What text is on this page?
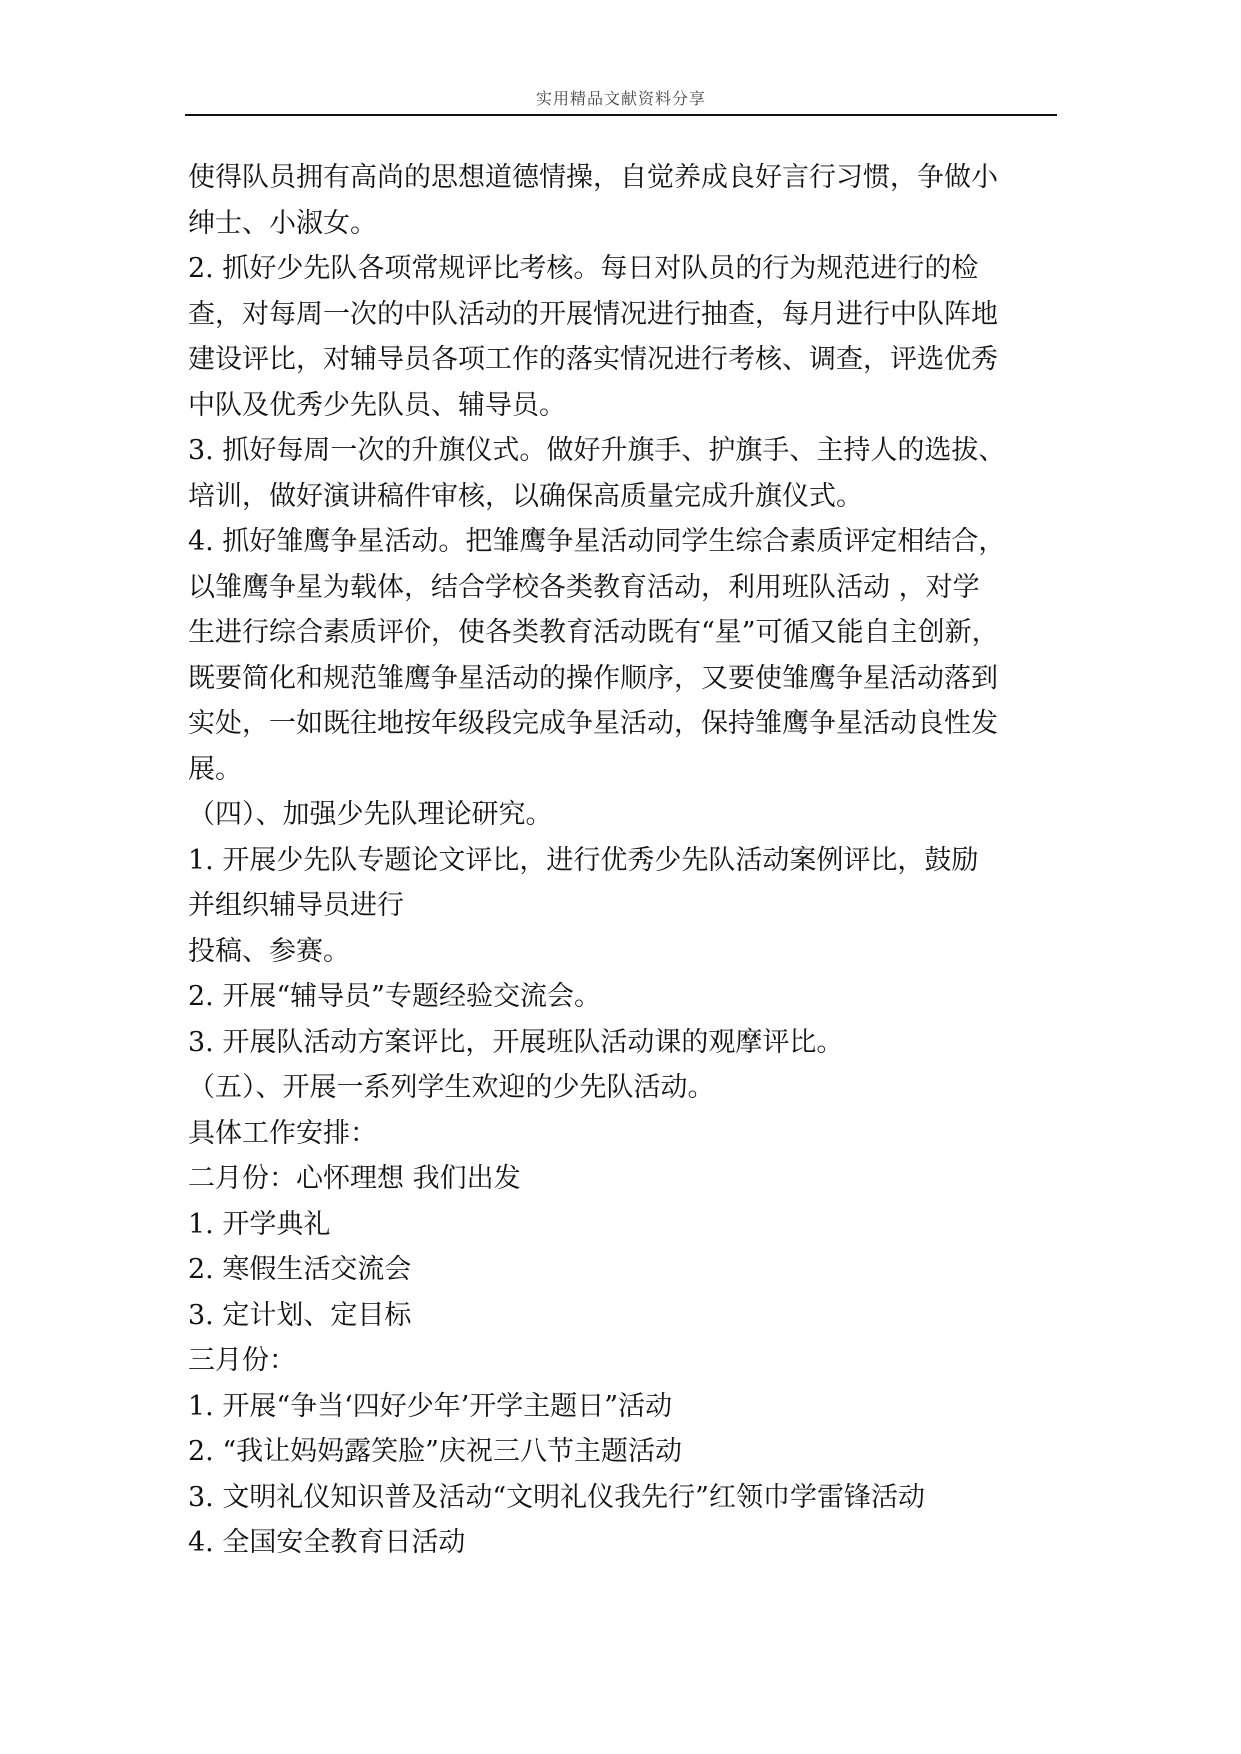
实用精品文献资料分享
使得队员拥有高尚的思想道德情操，自觉养成良好言行习惯，争做小
绅士、小淑女。
2. 抓好少先队各项常规评比考核。每日对队员的行为规范进行的检
查，对每周一次的中队活动的开展情况进行抽查，每月进行中队阵地
建设评比，对辅导员各项工作的落实情况进行考核、调查，评选优秀
中队及优秀少先队员、辅导员。
3. 抓好每周一次的升旗仪式。做好升旗手、护旗手、主持人的选拔、
培训，做好演讲稿件审核，以确保高质量完成升旗仪式。
4. 抓好雏鹰争星活动。把雏鹰争星活动同学生综合素质评定相结合，
以雏鹰争星为载体，结合学校各类教育活动，利用班队活动 ，对学
生进行综合素质评价，使各类教育活动既有“星”可循又能自主创新，
既要简化和规范雏鹰争星活动的操作顺序，又要使雏鹰争星活动落到
实处，一如既往地按年级段完成争星活动，保持雏鹰争星活动良性发
展。
（四）、加强少先队理论研究。
1. 开展少先队专题论文评比，进行优秀少先队活动案例评比，鼓励
并组织辅导员进行
投稿、参赛。
2. 开展“辅导员”专题经验交流会。
3. 开展队活动方案评比，开展班队活动课的观摩评比。
（五）、开展一系列学生欢迎的少先队活动。
具体工作安排：
二月份：心怀理想 我们出发
1. 开学典礼
2. 寒假生活交流会
3. 定计划、定目标
三月份：
1. 开展“争当‘四好少年’开学主题日”活动
2. “我让妈妈露笑脸”庆祝三八节主题活动
3. 文明礼仪知识普及活动“文明礼仪我先行”红领巾学雷锋活动
4. 全国安全教育日活动
